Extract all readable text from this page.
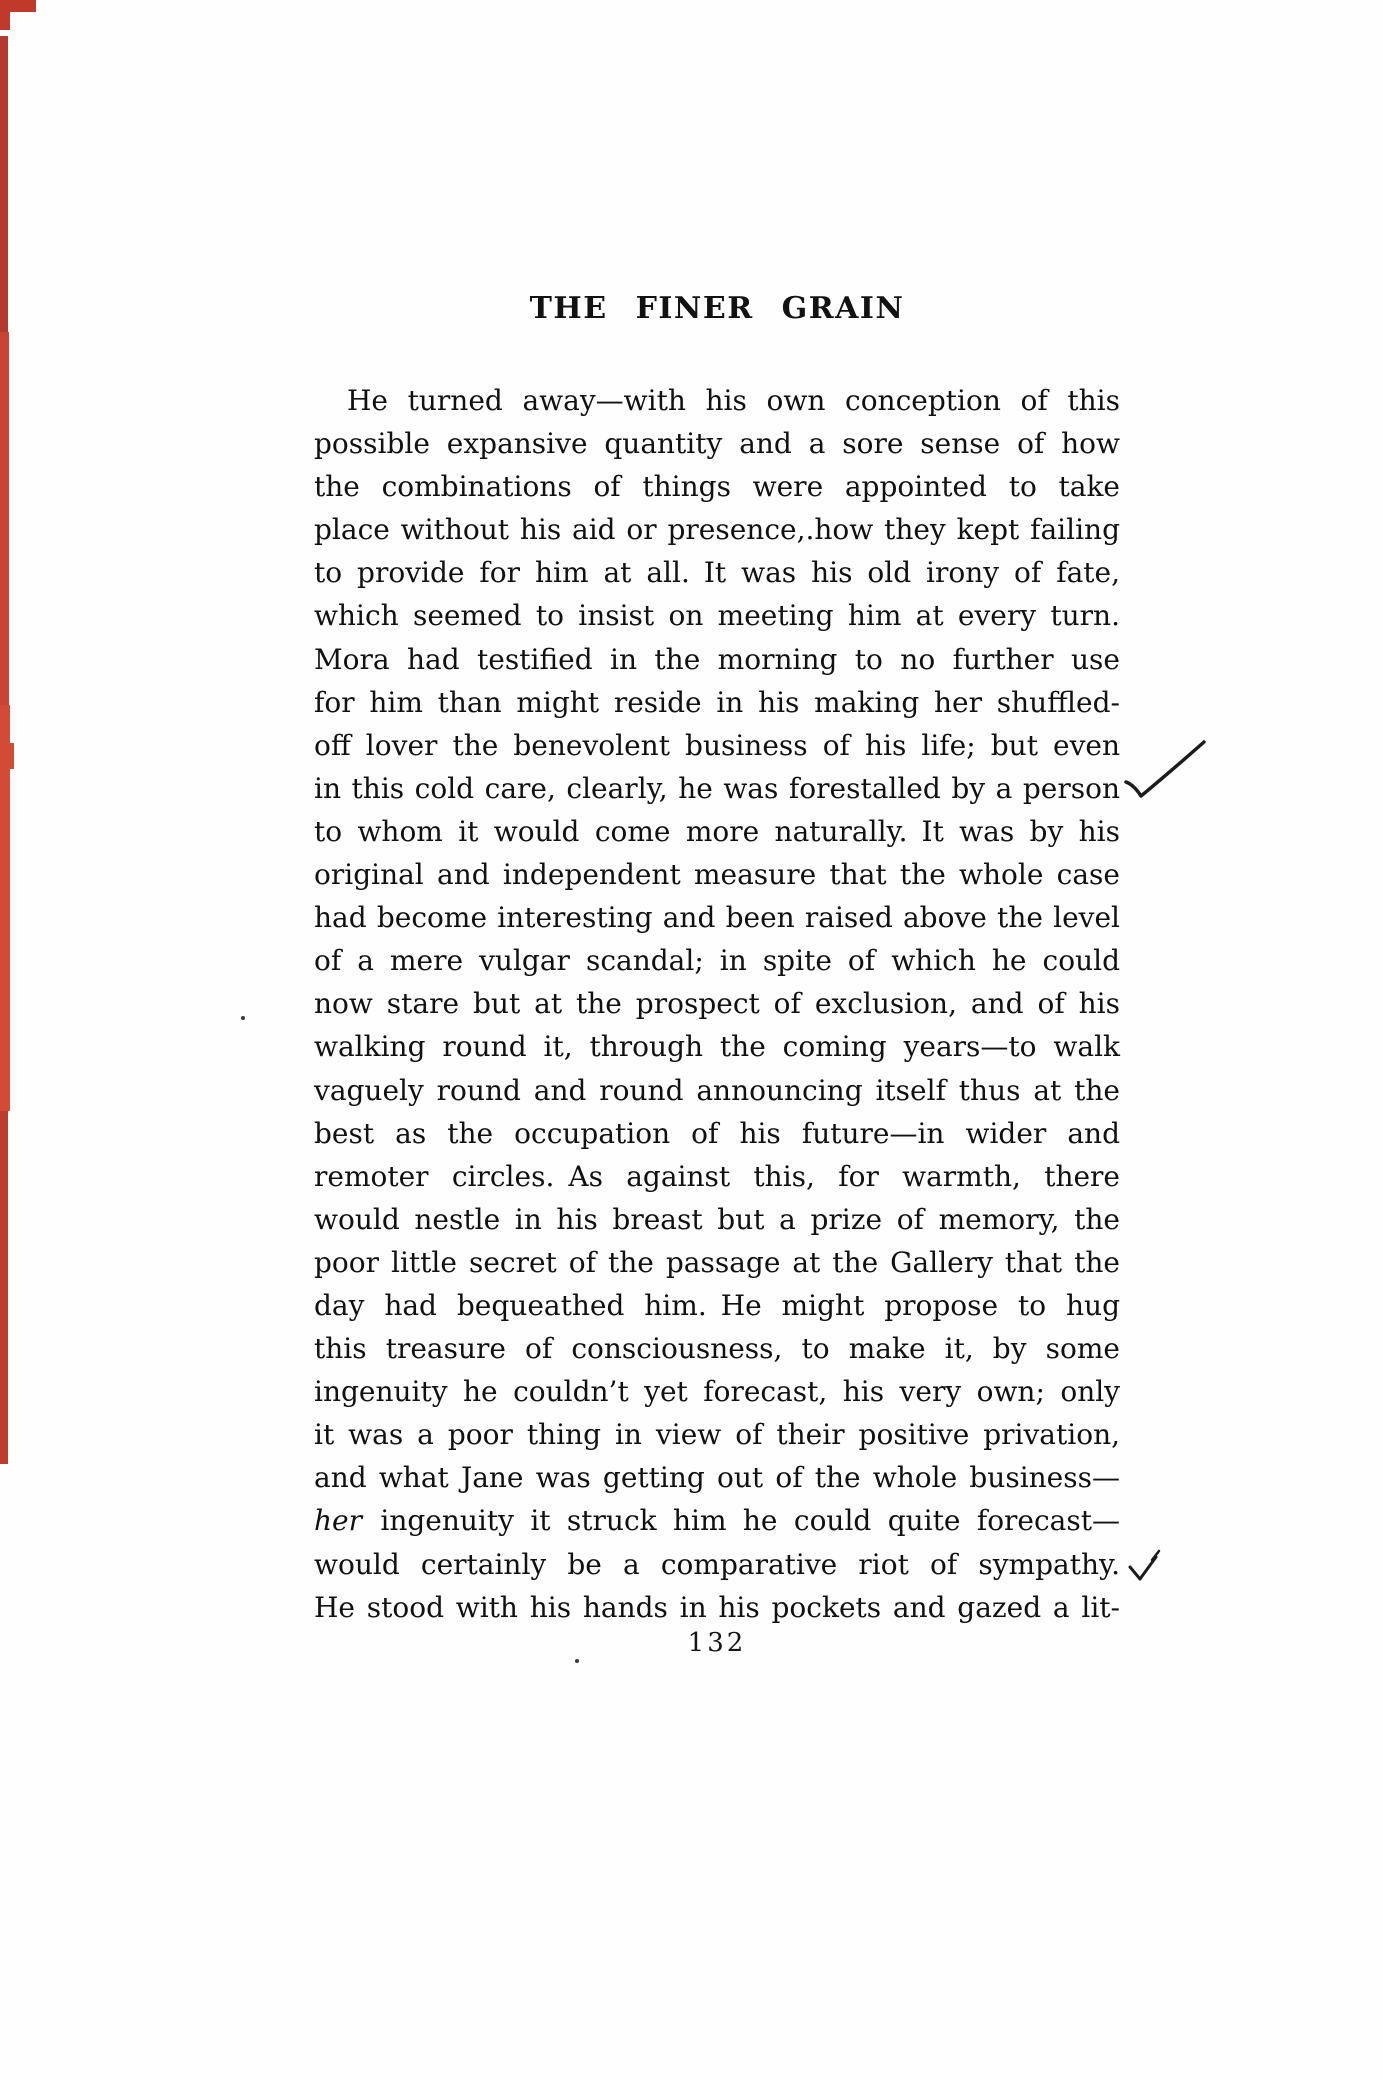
THE FINER GRAIN
He turned away—with his own conception of this
possible expansive quantity and a sore sense of how
the combinations of things were appointed to take
place without his aid or presence,.how they kept failing
to provide for him at all. It was his old irony of fate,
which seemed to insist on meeting him at every turn.
Mora had testified in the morning to no further use
for him than might reside in his making her shuffled-
off lover the benevolent business of his life; but even
in this cold care, clearly, he was forestalled by a person
to whom it would come more naturally. It was by his
original and independent measure that the whole case
had become interesting and been raised above the level
of a mere vulgar scandal; in spite of which he could
now stare but at the prospect of exclusion, and of his
walking round it, through the coming years—to walk
vaguely round and round announcing itself thus at the
best as the occupation of his future—in wider and
remoter circles. As against this, for warmth, there
would nestle in his breast but a prize of memory, the
poor little secret of the passage at the Gallery that the
day had bequeathed him. He might propose to hug
this treasure of consciousness, to make it, by some
ingenuity he couldn’t yet forecast, his very own; only
it was a poor thing in view of their positive privation,
and what Jane was getting out of the whole business—
her ingenuity it struck him he could quite forecast—
would certainly be a comparative riot of sympathy.
He stood with his hands in his pockets and gazed a lit-
132
